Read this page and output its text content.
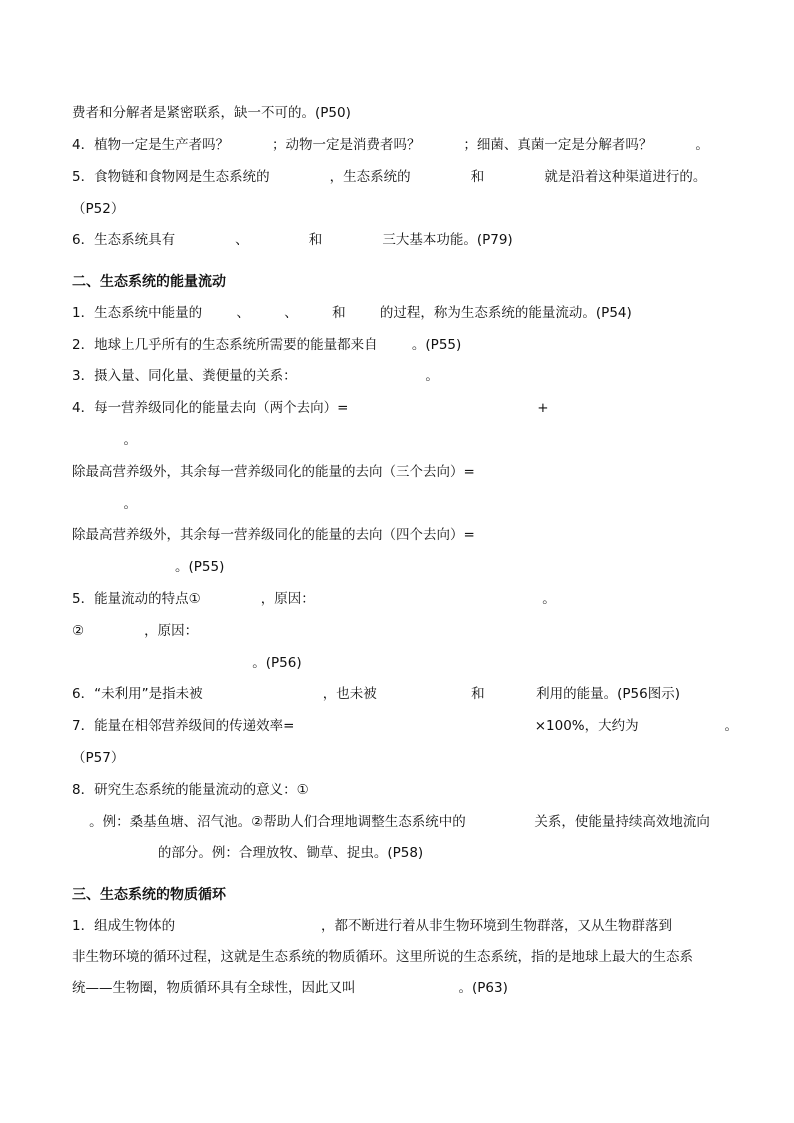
费者和分解者是紧密联系，缺一不可的。(P50)
4．植物一定是生产者吗？          ；动物一定是消费者吗？          ；细菌、真菌一定是分解者吗？          。
5．食物链和食物网是生态系统的              ，生态系统的              和              就是沿着这种渠道进行的。
（P52）
6．生态系统具有              、              和              三大基本功能。(P79)
二、生态系统的能量流动
1．生态系统中能量的        、        、        和        的过程，称为生态系统的能量流动。(P54)
2．地球上几乎所有的生态系统所需要的能量都来自        。(P55)
3．摄入量、同化量、粪便量的关系：                              。
4．每一营养级同化的能量去向（两个去向）=                                            +
。
除最高营养级外，其余每一营养级同化的能量的去向（三个去向）=
。
除最高营养级外，其余每一营养级同化的能量的去向（四个去向）=
。(P55)
5．能量流动的特点①              ，原因：                                                     。
②              ，原因：
。(P56)
6．“未利用”是指未被                            ，也未被                      和            利用的能量。(P56图示)
7．能量在相邻营养级间的传递效率=                                                        ×100%，大约为                    。
（P57）
8．研究生态系统的能量流动的意义：①
。例：桑基鱼塘、沼气池。②帮助人们合理地调整生态系统中的                关系，使能量持续高效地流向
的部分。例：合理放牧、锄草、捉虫。(P58)
三、生态系统的物质循环
1．组成生物体的                                  ，都不断进行着从非生物环境到生物群落，又从生物群落到
非生物环境的循环过程，这就是生态系统的物质循环。这里所说的生态系统，指的是地球上最大的生态系
统——生物圈，物质循环具有全球性，因此又叫                        。(P63)
